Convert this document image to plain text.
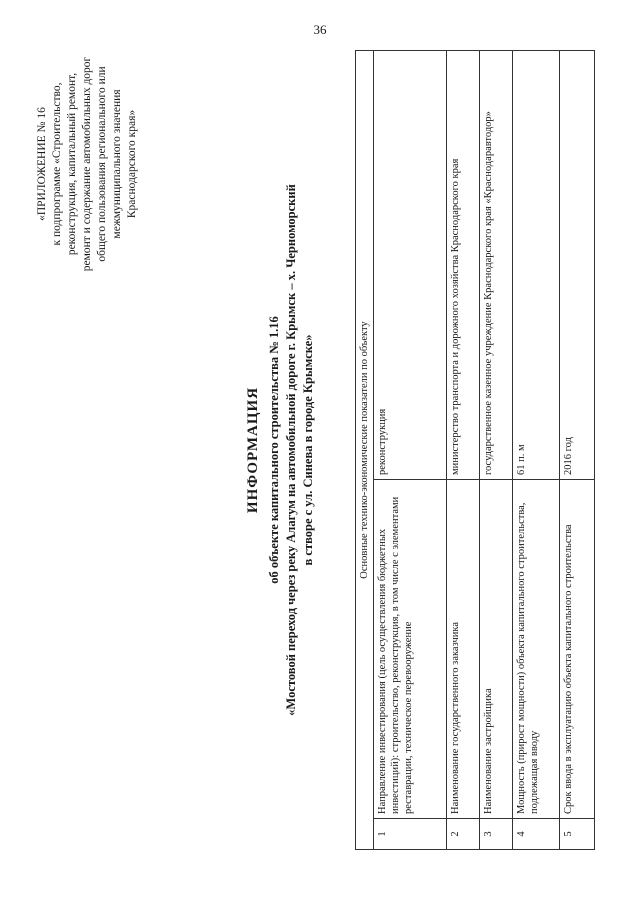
36
«ПРИЛОЖЕНИЕ № 16 к подпрограмме «Строительство, реконструкция, капитальный ремонт, ремонт и содержание автомобильных дорог общего пользования регионального или межмуниципального значения Краснодарского края»
ИНФОРМАЦИЯ об объекте капитального строительства № 1.16 «Мостовой переход через реку Алагум на автомобильной дороге г. Крымск – х. Черноморский в створе с ул. Синева в городе Крымске»	Основные технико-экономические показатели по объекту		
1	Направление инвестирования (цель осуществления бюджетных инвестиций): строительство, реконструкция, в том числе с элементами реставрации, техническое перевооружение	реконструкция
2	Наименование государственного заказчика	министерство транспорта и дорожного хозяйства Краснодарского края
3	Наименование застройщика	государственное казенное учреждение Краснодарского края «Краснодаравтодор»
4	Мощность (прирост мощности) объекта капитального строительства, подлежащая вводу	61 п. м
5	Срок ввода в эксплуатацию объекта капитального строительства	2016 год
